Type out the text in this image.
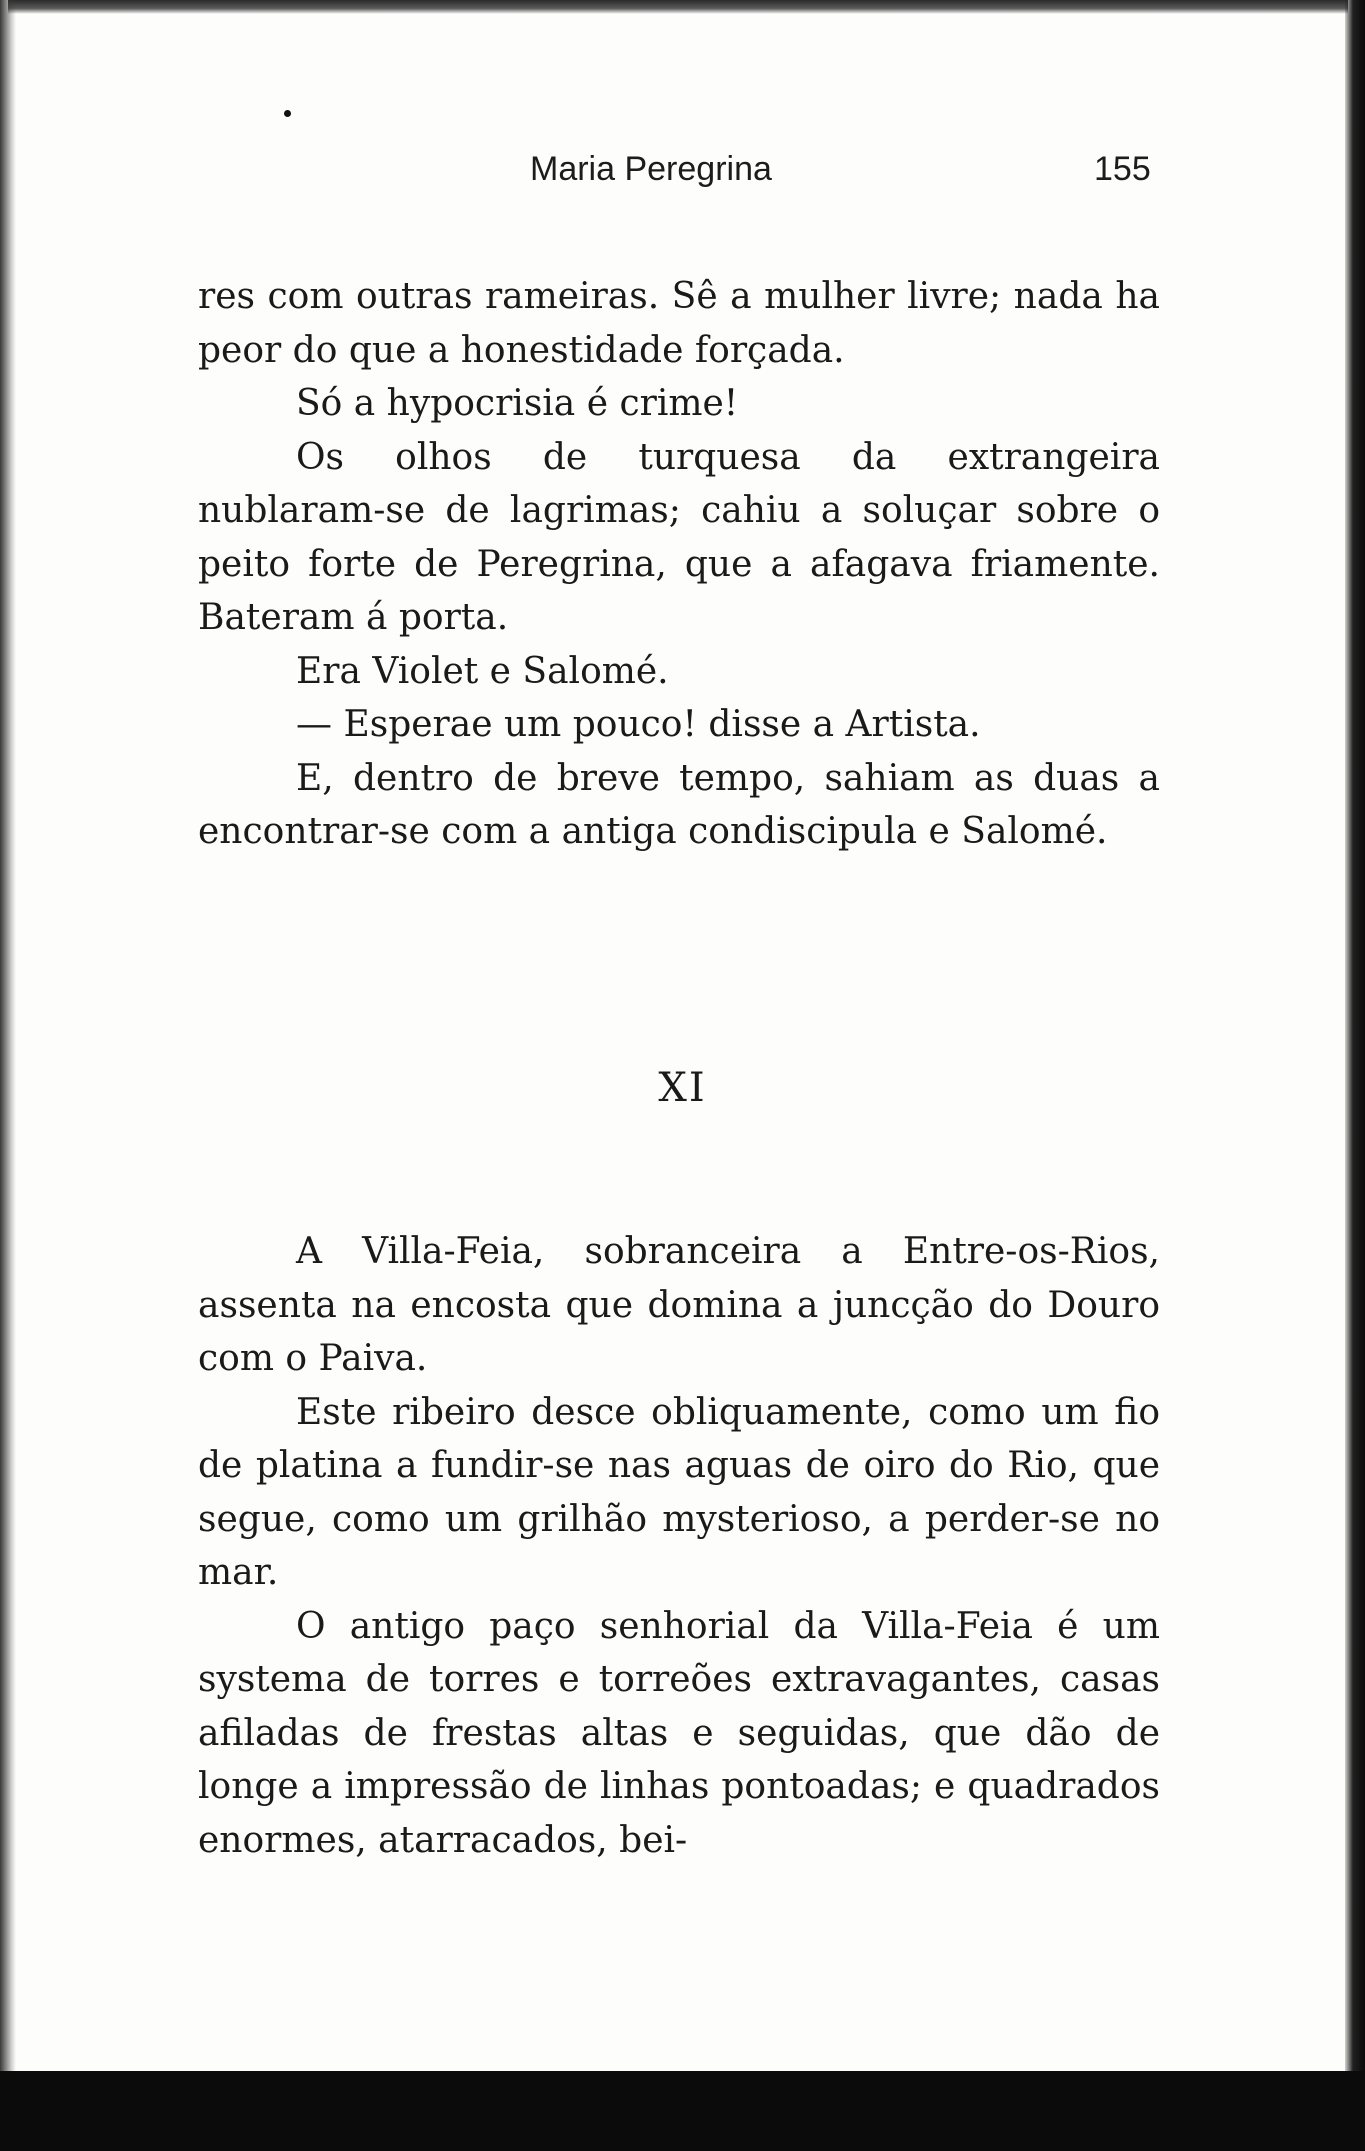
Maria Peregrina	155

res com outras rameiras. Sê a mulher livre; nada ha peor do que a honestidade forçada.

Só a hypocrisia é crime!

Os olhos de turquesa da extrangeira nublaram-se de lagrimas; cahiu a soluçar sobre o peito forte de Peregrina, que a afagava friamente. Bateram á porta.

Era Violet e Salomé.

— Esperae um pouco! disse a Artista.

E, dentro de breve tempo, sahiam as duas a encontrar-se com a antiga condiscipula e Salomé.

XI

A Villa-Feia, sobranceira a Entre-os-Rios, assenta na encosta que domina a juncção do Douro com o Paiva.

Este ribeiro desce obliquamente, como um fio de platina a fundir-se nas aguas de oiro do Rio, que segue, como um grilhão mysterioso, a perder-se no mar.

O antigo paço senhorial da Villa-Feia é um systema de torres e torreões extravagantes, casas afiladas de frestas altas e seguidas, que dão de longe a impressão de linhas pontoadas; e quadrados enormes, atarracados, bei-
